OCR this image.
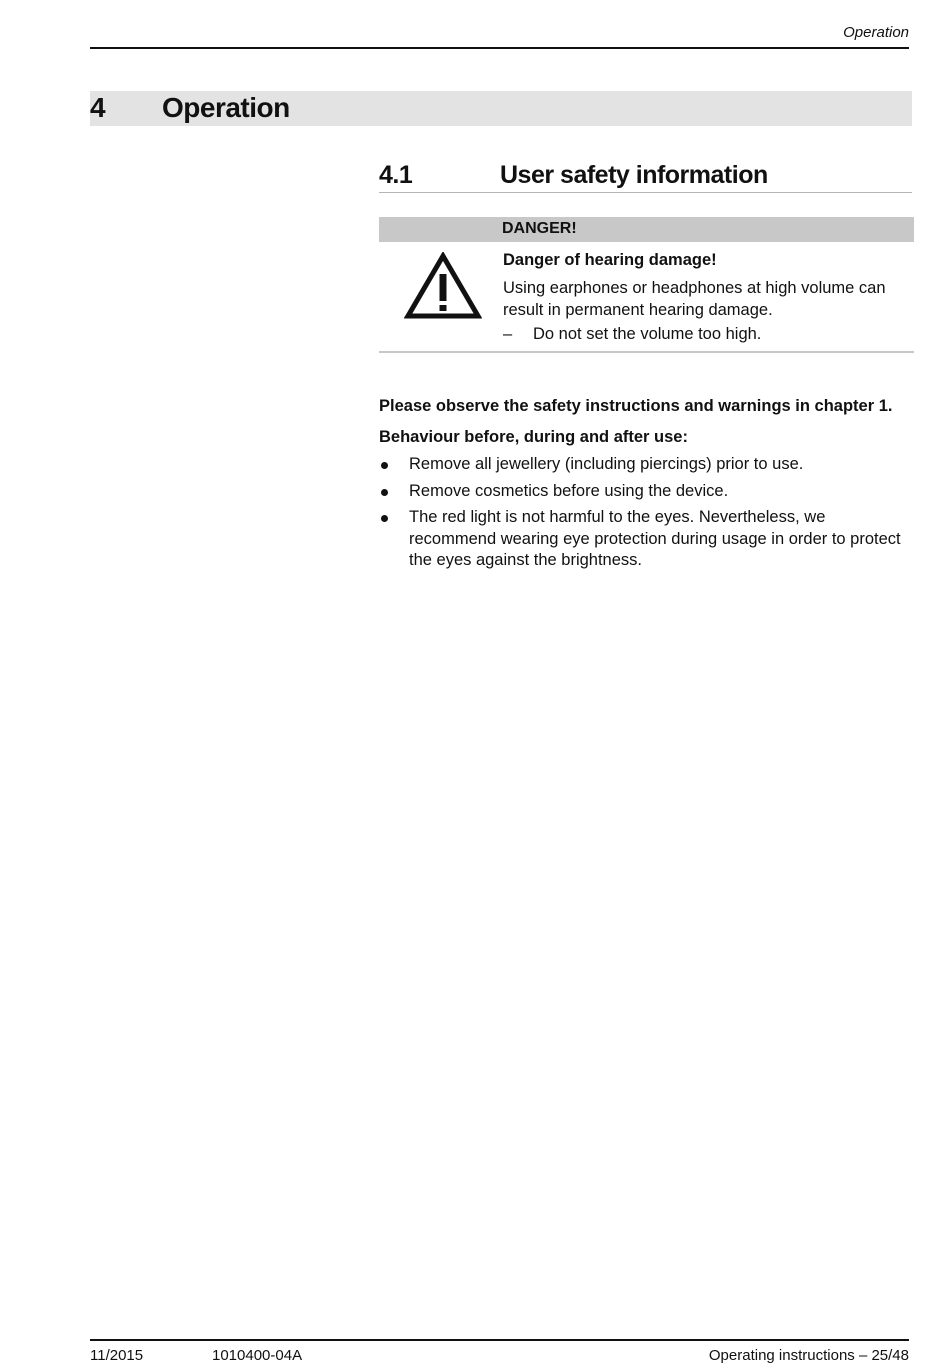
Operation
4 Operation
4.1	User safety information
DANGER!
Danger of hearing damage!
Using earphones or headphones at high volume can result in permanent hearing damage.
– Do not set the volume too high.
Please observe the safety instructions and warnings in chapter 1.
Behaviour before, during and after use:
Remove all jewellery (including piercings) prior to use.
Remove cosmetics before using the device.
The red light is not harmful to the eyes. Nevertheless, we recommend wearing eye protection during usage in order to protect the eyes against the brightness.
11/2015	1010400-04A	Operating instructions – 25/48
